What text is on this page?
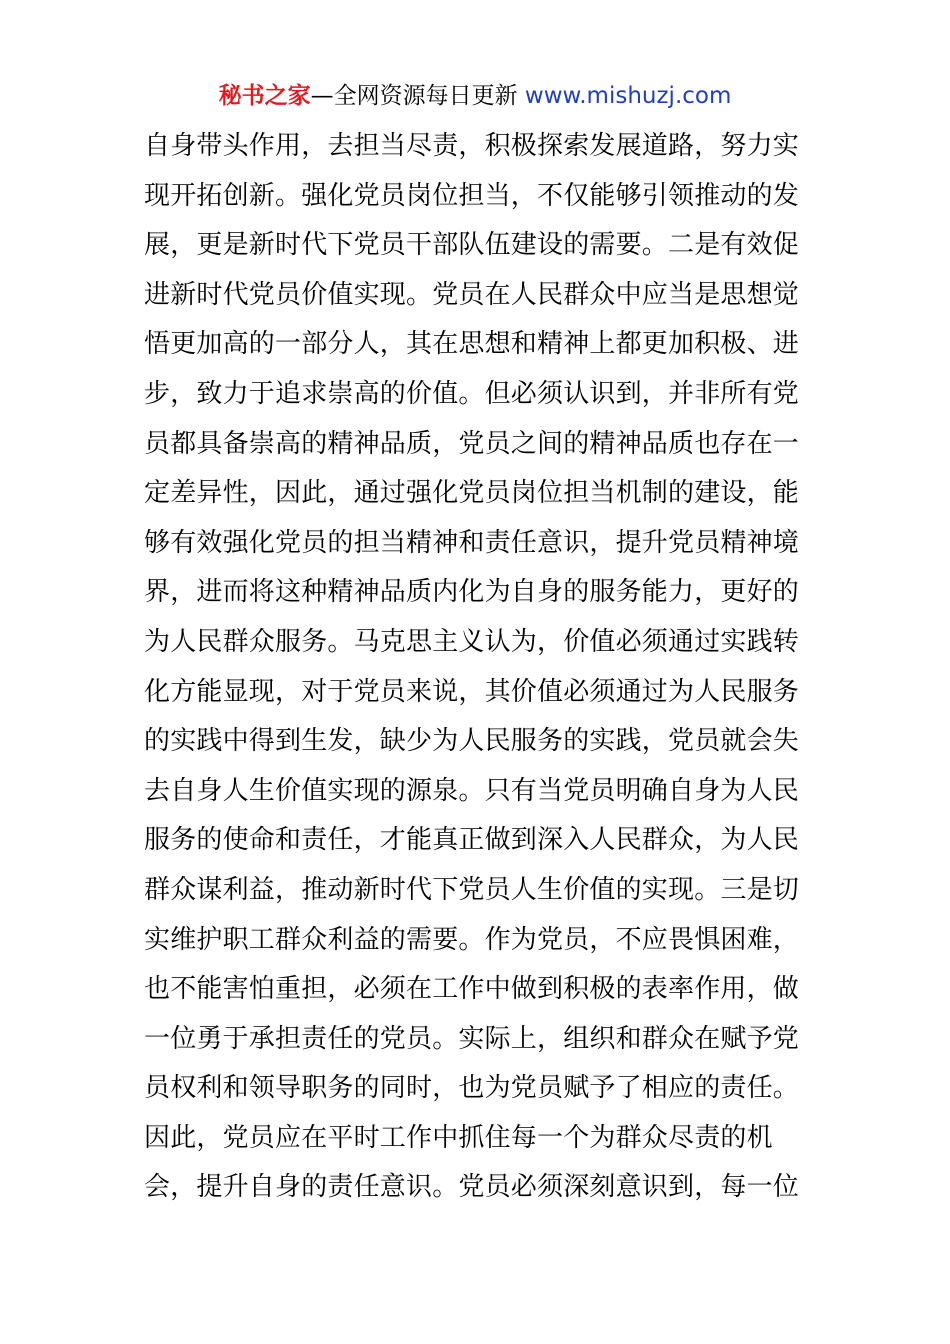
秘书之家—全网资源每日更新 www.mishuzj.com
自身带头作用，去担当尽责，积极探索发展道路，努力实
现开拓创新。强化党员岗位担当，不仅能够引领推动的发
展，更是新时代下党员干部队伍建设的需要。二是有效促
进新时代党员价值实现。党员在人民群众中应当是思想觉
悟更加高的一部分人，其在思想和精神上都更加积极、进
步，致力于追求崇高的价值。但必须认识到，并非所有党
员都具备崇高的精神品质，党员之间的精神品质也存在一
定差异性，因此，通过强化党员岗位担当机制的建设，能
够有效强化党员的担当精神和责任意识，提升党员精神境
界，进而将这种精神品质内化为自身的服务能力，更好的
为人民群众服务。马克思主义认为，价值必须通过实践转
化方能显现，对于党员来说，其价值必须通过为人民服务
的实践中得到生发，缺少为人民服务的实践，党员就会失
去自身人生价值实现的源泉。只有当党员明确自身为人民
服务的使命和责任，才能真正做到深入人民群众，为人民
群众谋利益，推动新时代下党员人生价值的实现。三是切
实维护职工群众利益的需要。作为党员，不应畏惧困难，
也不能害怕重担，必须在工作中做到积极的表率作用，做
一位勇于承担责任的党员。实际上，组织和群众在赋予党
员权利和领导职务的同时，也为党员赋予了相应的责任。
因此，党员应在平时工作中抓住每一个为群众尽责的机
会，提升自身的责任意识。党员必须深刻意识到，每一位
